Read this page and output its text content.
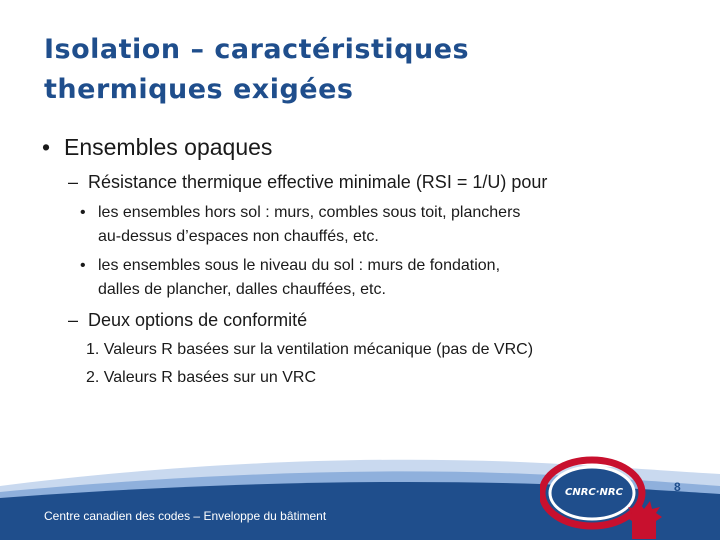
Isolation – caractéristiques
thermiques exigées
• Ensembles opaques
– Résistance thermique effective minimale (RSI = 1/U) pour
• les ensembles hors sol : murs, combles sous toit, planchers
au-dessus d’espaces non chauffés, etc.
• les ensembles sous le niveau du sol : murs de fondation,
dalles de plancher, dalles chauffées, etc.
– Deux options de conformité
1. Valeurs R basées sur la ventilation mécanique (pas de VRC)
2. Valeurs R basées sur un VRC
CNRC·NRC
Centre canadien des codes – Enveloppe du bâtiment
8
